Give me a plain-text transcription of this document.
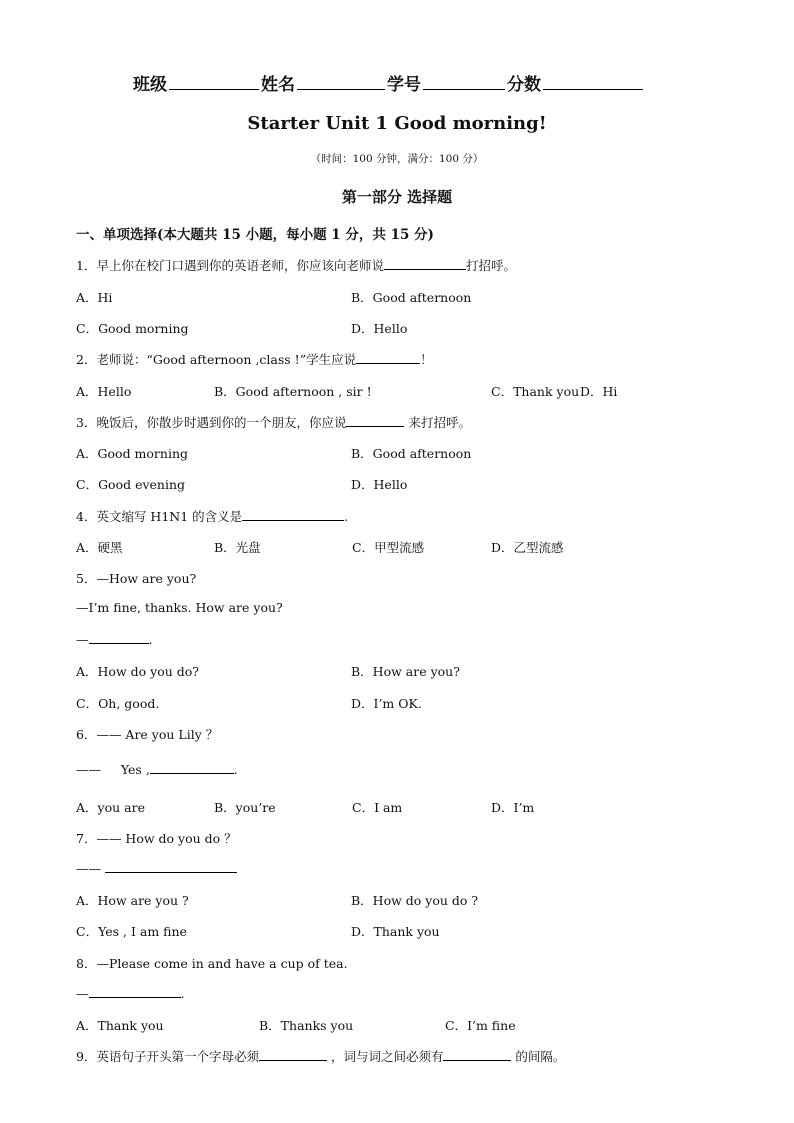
班级	姓名	学号	分数
Starter Unit 1 Good morning!
（时间：100 分钟，满分：100 分）
第一部分 选择题
一、单项选择(本大题共 15 小题，每小题 1 分，共 15 分)
1．早上你在校门口遇到你的英语老师，你应该向老师说	打招呼。
A．Hi	B．Good afternoon
C．Good morning	D．Hello
2．老师说：“Good afternoon ,class !”学生应说	！
A．Hello	B．Good afternoon , sir !	C．Thank you D．Hi
3．晚饭后，你散步时遇到你的一个朋友，你应说	来打招呼。
A．Good morning	B．Good afternoon
C．Good evening	D．Hello
4．英文缩写 H1N1 的含义是	.
A．硬黑	B．光盘	C．甲型流感	D．乙型流感
5．—How are you?
—I’m fine, thanks. How are you?
—	.
A．How do you do?	B．How are you?
C．Oh, good.	D．I’m OK.
6．—— Are you Lily ？
——     Yes ,	.
A．you are	B．you’re	C．I am	D．I’m
7．—— How do you do ？
——
A．How are you ?	B．How do you do ?
C．Yes , I am fine	D．Thank you
8．—Please come in and have a cup of tea.
—	.
A．Thank you	B．Thanks you	C．I’m fine
9．英语句子开头第一个字母必须	，词与词之间必须有	的间隔。
